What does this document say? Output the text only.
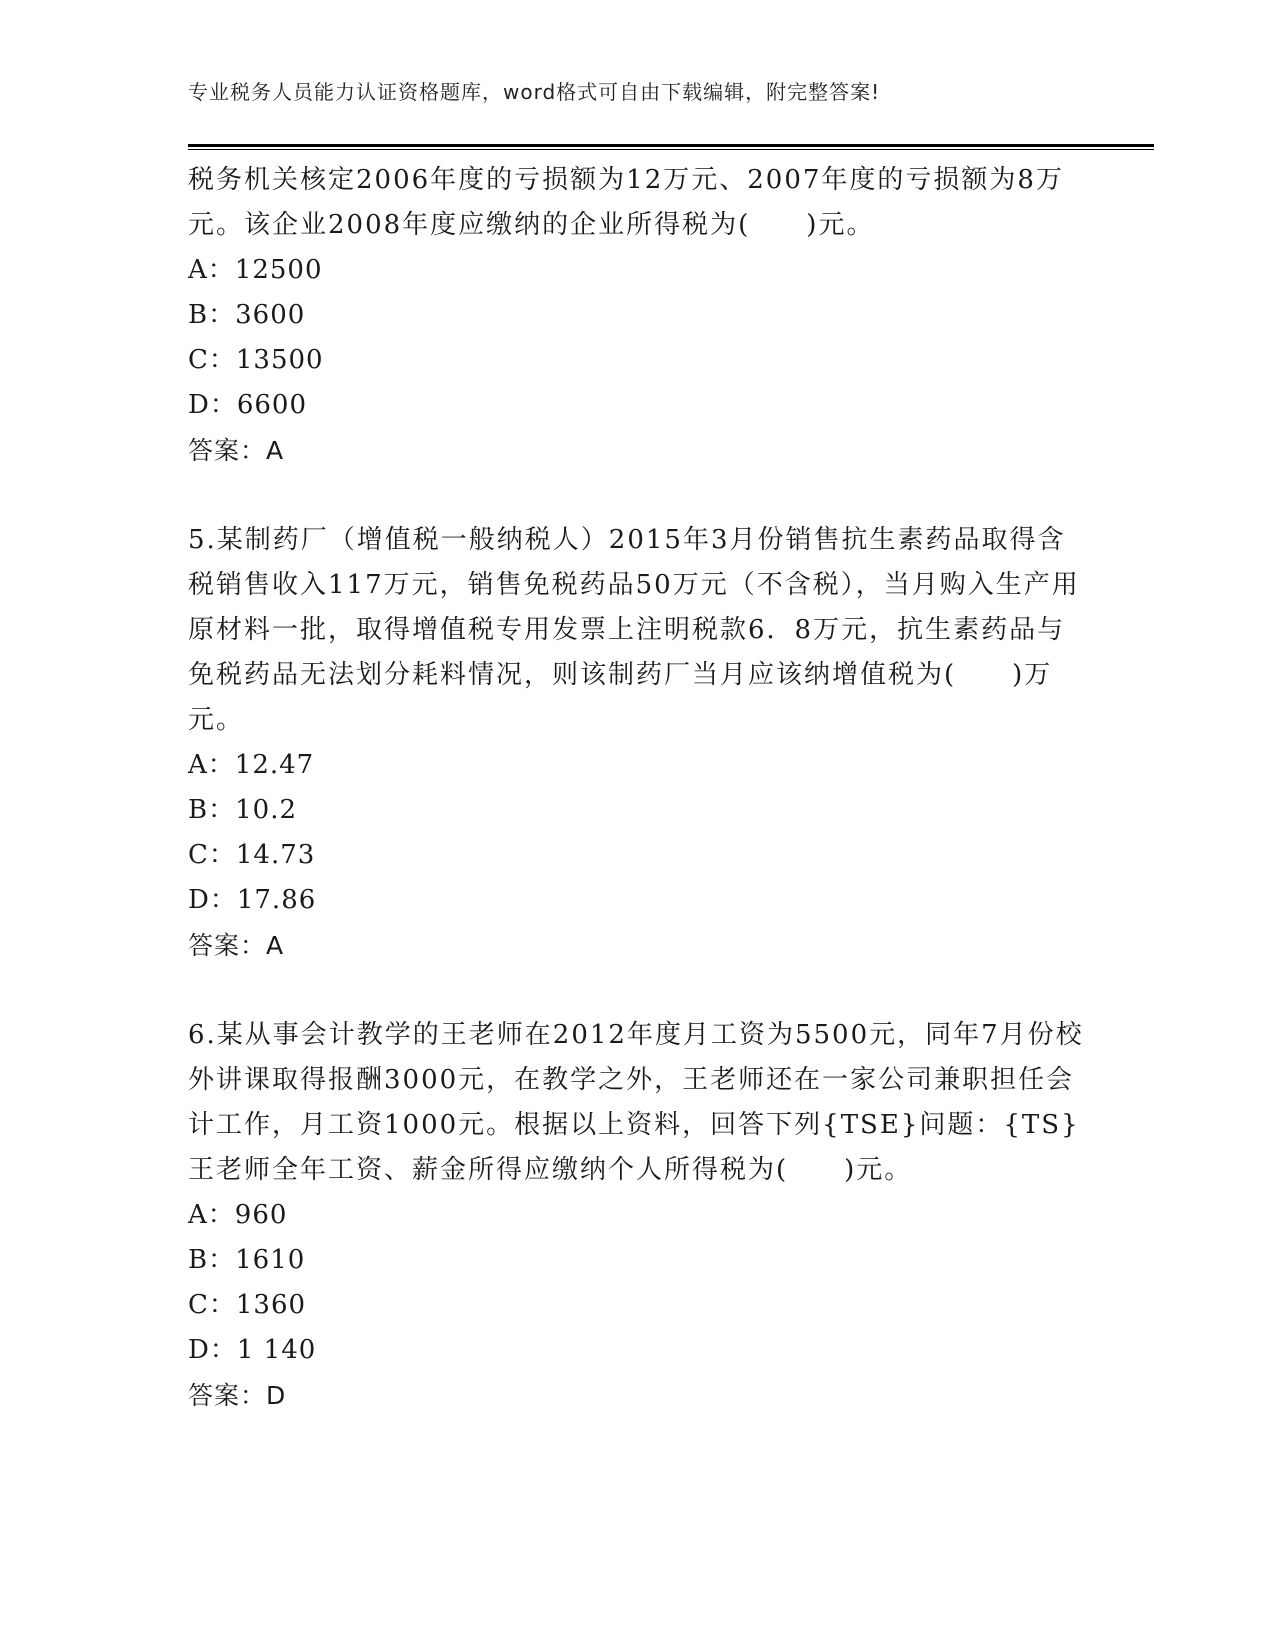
专业税务人员能力认证资格题库，word格式可自由下载编辑，附完整答案!

税务机关核定2006年度的亏损额为12万元、2007年度的亏损额为8万元。该企业2008年度应缴纳的企业所得税为(　　)元。

A：12500

B：3600

C：13500

D：6600

答案：A

5.某制药厂（增值税一般纳税人）2015年3月份销售抗生素药品取得含税销售收入117万元，销售免税药品50万元（不含税），当月购入生产用原材料一批，取得增值税专用发票上注明税款6．8万元，抗生素药品与免税药品无法划分耗料情况，则该制药厂当月应该纳增值税为(　　)万元。

A：12.47

B：10.2

C：14.73

D：17.86

答案：A

6.某从事会计教学的王老师在2012年度月工资为5500元，同年7月份校外讲课取得报酬3000元，在教学之外，王老师还在一家公司兼职担任会计工作，月工资1000元。根据以上资料，回答下列{TSE}问题：{TS}王老师全年工资、薪金所得应缴纳个人所得税为(　　)元。

A：960

B：1610

C：1360

D：1 140

答案：D
